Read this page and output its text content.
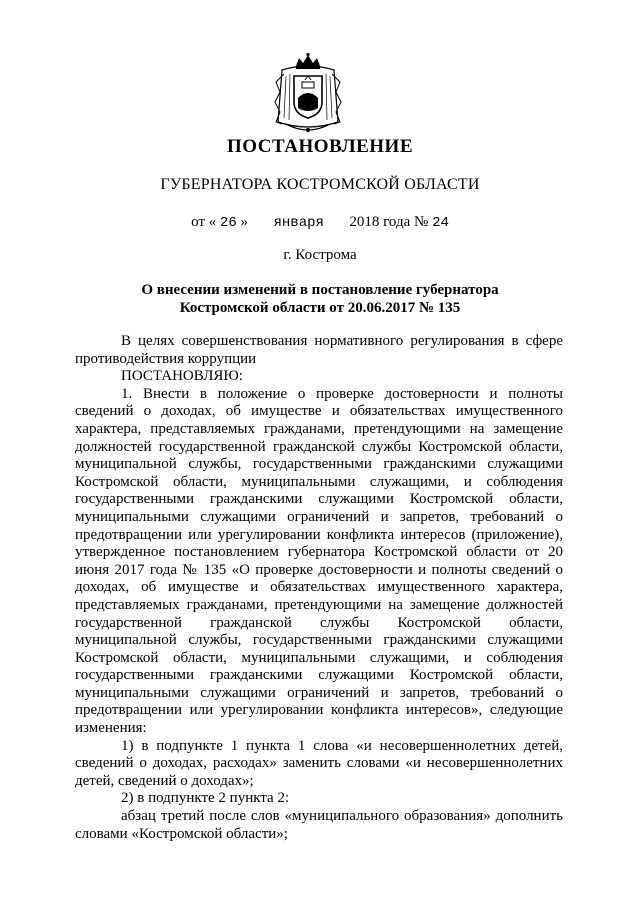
ПОСТАНОВЛЕНИЕ
ГУБЕРНАТОРА КОСТРОМСКОЙ ОБЛАСТИ
от « 26 » января 2018 года № 24
г. Кострома
О внесении изменений в постановление губернатора
Костромской области от 20.06.2017 № 135

В целях совершенствования нормативного регулирования в сфере противодействия коррупции

ПОСТАНОВЛЯЮ:

1. Внести в положение о проверке достоверности и полноты сведений о доходах, об имуществе и обязательствах имущественного характера, представляемых гражданами, претендующими на замещение должностей государственной гражданской службы Костромской области, муниципальной службы, государственными гражданскими служащими Костромской области, муниципальными служащими, и соблюдения государственными гражданскими служащими Костромской области, муниципальными служащими ограничений и запретов, требований о предотвращении или урегулировании конфликта интересов (приложение), утвержденное постановлением губернатора Костромской области от 20 июня 2017 года № 135 «О проверке достоверности и полноты сведений о доходах, об имуществе и обязательствах имущественного характера, представляемых гражданами, претендующими на замещение должностей государственной гражданской службы Костромской области, муниципальной службы, государственными гражданскими служащими Костромской области, муниципальными служащими, и соблюдения государственными гражданскими служащими Костромской области, муниципальными служащими ограничений и запретов, требований о предотвращении или урегулировании конфликта интересов», следующие изменения:

1) в подпункте 1 пункта 1 слова «и несовершеннолетних детей, сведений о доходах, расходах» заменить словами «и несовершеннолетних детей, сведений о доходах»;

2) в подпункте 2 пункта 2:

абзац третий после слов «муниципального образования» дополнить словами «Костромской области»;
